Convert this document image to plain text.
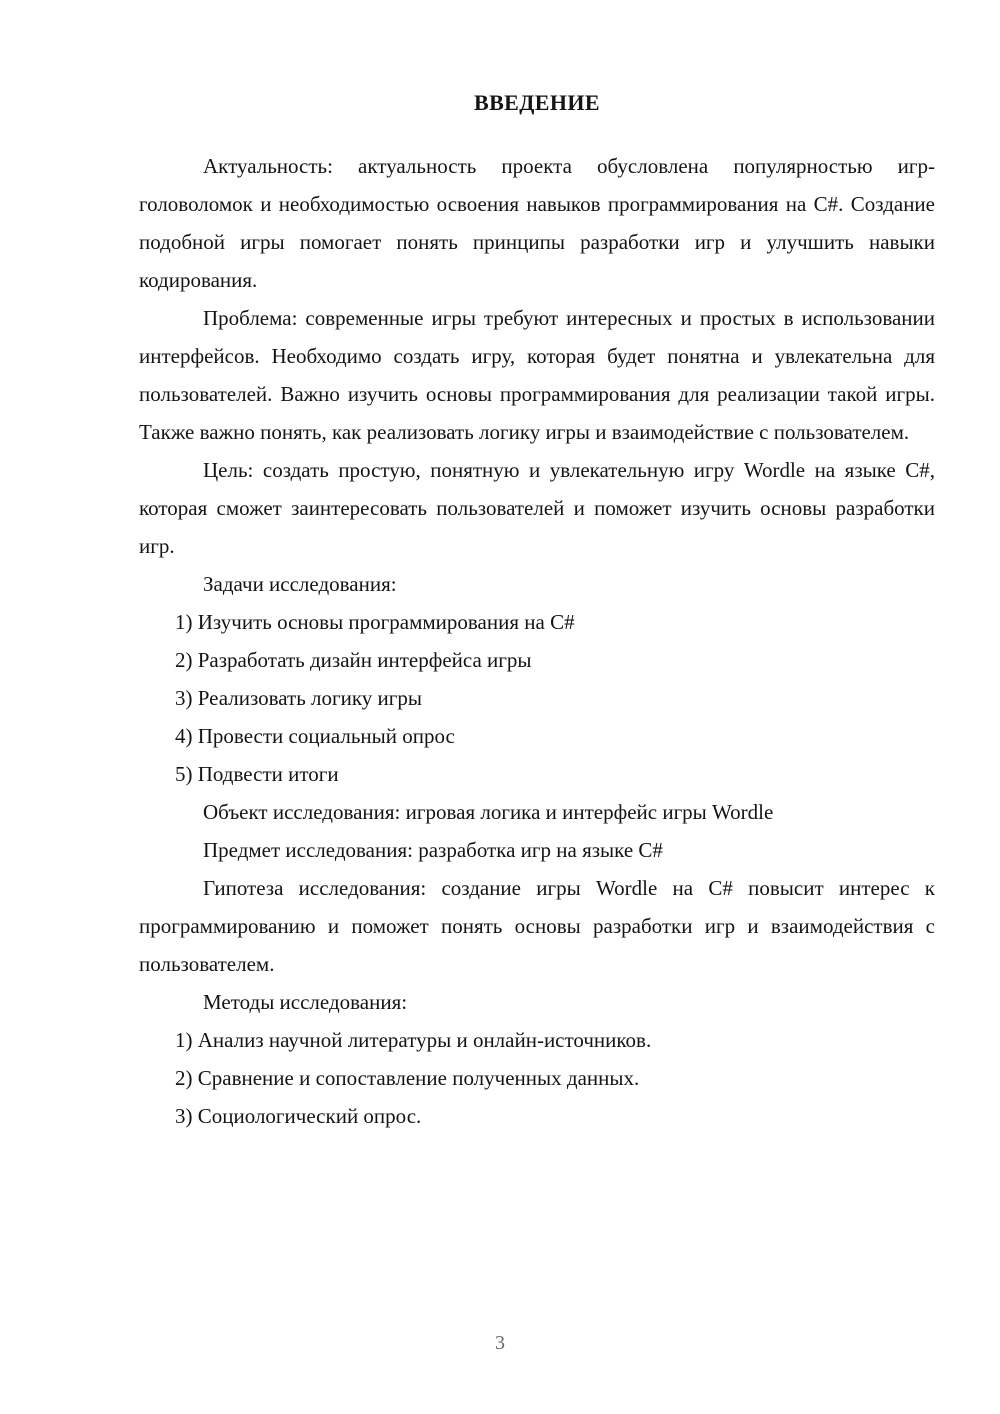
ВВЕДЕНИЕ

Актуальность: актуальность проекта обусловлена популярностью игр-головоломок и необходимостью освоения навыков программирования на C#. Создание подобной игры помогает понять принципы разработки игр и улучшить навыки кодирования.

Проблема: современные игры требуют интересных и простых в использовании интерфейсов. Необходимо создать игру, которая будет понятна и увлекательна для пользователей. Важно изучить основы программирования для реализации такой игры. Также важно понять, как реализовать логику игры и взаимодействие с пользователем.

Цель: создать простую, понятную и увлекательную игру Wordle на языке C#, которая сможет заинтересовать пользователей и поможет изучить основы разработки игр.

Задачи исследования:

1) Изучить основы программирования на C#
2) Разработать дизайн интерфейса игры
3) Реализовать логику игры
4) Провести социальный опрос
5) Подвести итоги

Объект исследования: игровая логика и интерфейс игры Wordle

Предмет исследования: разработка игр на языке C#

Гипотеза исследования: создание игры Wordle на C# повысит интерес к программированию и поможет понять основы разработки игр и взаимодействия с пользователем.

Методы исследования:

1) Анализ научной литературы и онлайн-источников.
2) Сравнение и сопоставление полученных данных.
3) Социологический опрос.
3
